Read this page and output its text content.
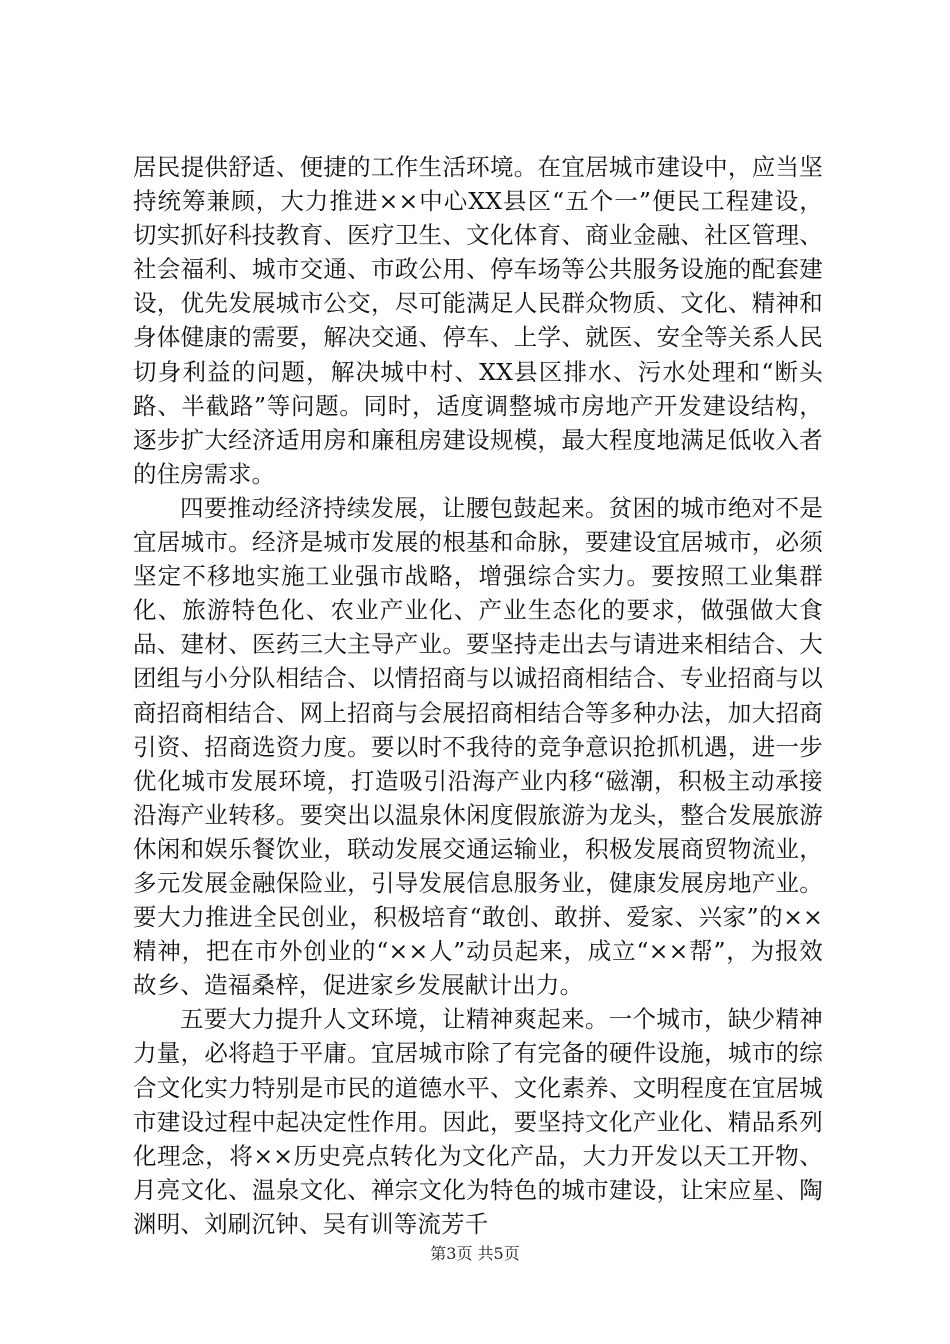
居民提供舒适、便捷的工作生活环境。在宜居城市建设中，应当坚持统筹兼顾，大力推进××中心XX县区“五个一”便民工程建设，切实抓好科技教育、医疗卫生、文化体育、商业金融、社区管理、社会福利、城市交通、市政公用、停车场等公共服务设施的配套建设，优先发展城市公交，尽可能满足人民群众物质、文化、精神和身体健康的需要，解决交通、停车、上学、就医、安全等关系人民切身利益的问题，解决城中村、XX县区排水、污水处理和“断头路、半截路”等问题。同时，适度调整城市房地产开发建设结构，逐步扩大经济适用房和廉租房建设规模，最大程度地满足低收入者的住房需求。

四要推动经济持续发展，让腰包鼓起来。贫困的城市绝对不是宜居城市。经济是城市发展的根基和命脉，要建设宜居城市，必须坚定不移地实施工业强市战略，增强综合实力。要按照工业集群化、旅游特色化、农业产业化、产业生态化的要求，做强做大食品、建材、医药三大主导产业。要坚持走出去与请进来相结合、大团组与小分队相结合、以情招商与以诚招商相结合、专业招商与以商招商相结合、网上招商与会展招商相结合等多种办法，加大招商引资、招商选资力度。要以时不我待的竞争意识抢抓机遇，进一步优化城市发展环境，打造吸引沿海产业内移“磁潮，积极主动承接沿海产业转移。要突出以温泉休闲度假旅游为龙头，整合发展旅游休闲和娱乐餐饮业，联动发展交通运输业，积极发展商贸物流业，多元发展金融保险业，引导发展信息服务业，健康发展房地产业。要大力推进全民创业，积极培育“敢创、敢拼、爱家、兴家”的××精神，把在市外创业的“××人”动员起来，成立“××帮”，为报效故乡、造福桑梓，促进家乡发展献计出力。

五要大力提升人文环境，让精神爽起来。一个城市，缺少精神力量，必将趋于平庸。宜居城市除了有完备的硬件设施，城市的综合文化实力特别是市民的道德水平、文化素养、文明程度在宜居城市建设过程中起决定性作用。因此，要坚持文化产业化、精品系列化理念，将××历史亮点转化为文化产品，大力开发以天工开物、月亮文化、温泉文化、禅宗文化为特色的城市建设，让宋应星、陶渊明、刘刷沉钟、吴有训等流芳千

第3页 共5页
